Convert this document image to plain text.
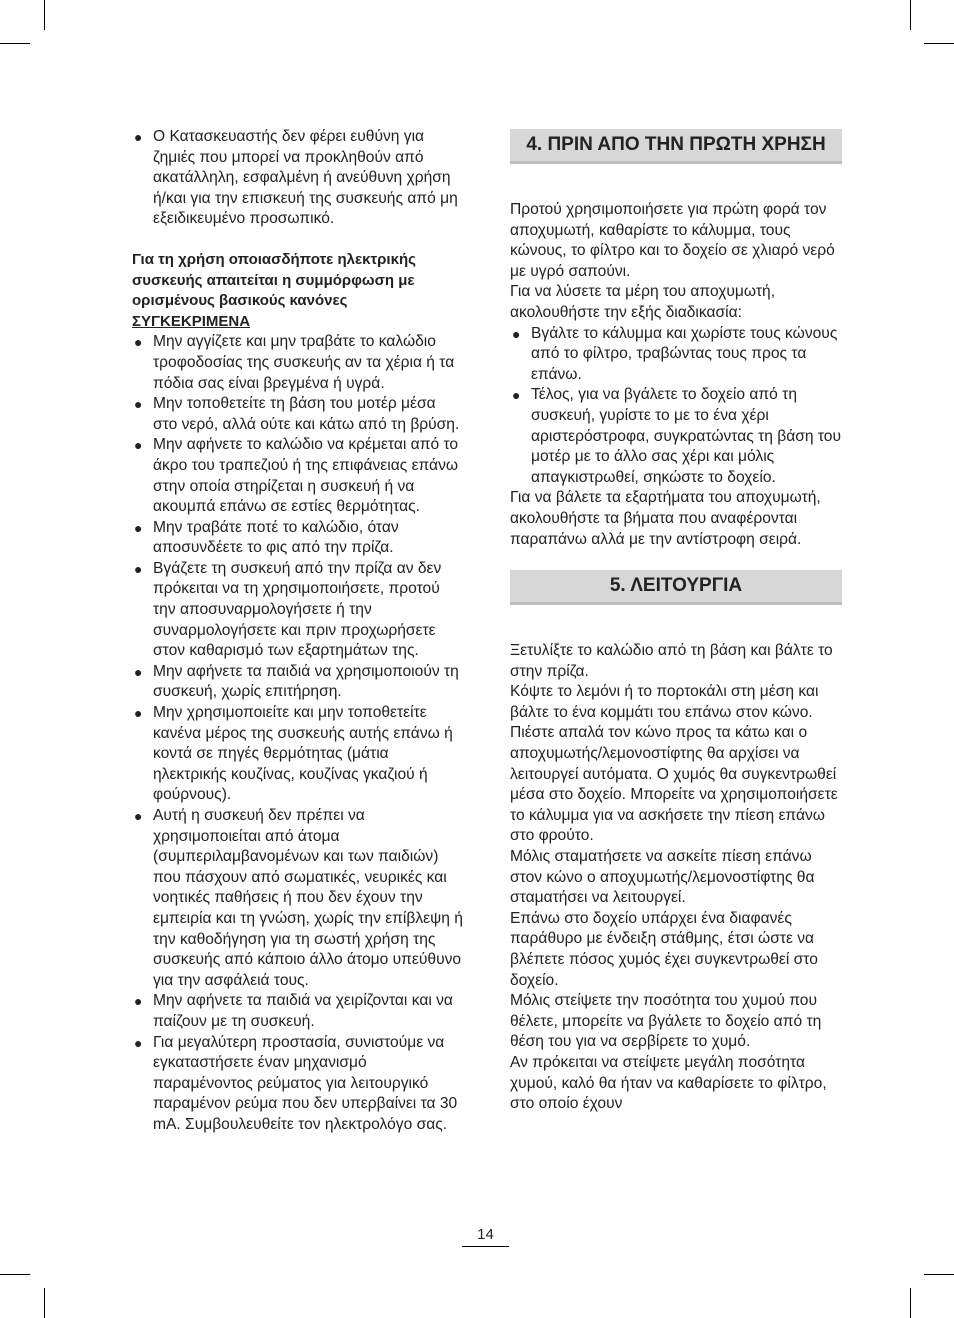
● Ο Κατασκευαστής δεν φέρει ευθύνη για ζημιές που μπορεί να προκληθούν από ακατάλληλη, εσφαλμένη ή ανεύθυνη χρήση ή/και για την επισκευή της συσκευής από μη εξειδικευμένο προσωπικό.

Για τη χρήση οποιασδήποτε ηλεκτρικής συσκευής απαιτείται η συμμόρφωση με ορισμένους βασικούς κανόνες

ΣΥΓΚΕΚΡΙΜΕΝΑ

● Μην αγγίζετε και μην τραβάτε το καλώδιο τροφοδοσίας της συσκευής αν τα χέρια ή τα πόδια σας είναι βρεγμένα ή υγρά.
● Μην τοποθετείτε τη βάση του μοτέρ μέσα στο νερό, αλλά ούτε και κάτω από τη βρύση.
● Μην αφήνετε το καλώδιο να κρέμεται από το άκρο του τραπεζιού ή της επιφάνειας επάνω στην οποία στηρίζεται η συσκευή ή να ακουμπά επάνω σε εστίες θερμότητας.
● Μην τραβάτε ποτέ το καλώδιο, όταν αποσυνδέετε το φις από την πρίζα.
● Βγάζετε τη συσκευή από την πρίζα αν δεν πρόκειται να τη χρησιμοποιήσετε, προτού την αποσυναρμολογήσετε ή την συναρμολογήσετε και πριν προχωρήσετε στον καθαρισμό των εξαρτημάτων της.
● Μην αφήνετε τα παιδιά να χρησιμοποιούν τη συσκευή, χωρίς επιτήρηση.
● Μην χρησιμοποιείτε και μην τοποθετείτε κανένα μέρος της συσκευής αυτής επάνω ή κοντά σε πηγές θερμότητας (μάτια ηλεκτρικής κουζίνας, κουζίνας γκαζιού ή φούρνους).
● Αυτή η συσκευή δεν πρέπει να χρησιμοποιείται από άτομα (συμπεριλαμβανομένων και των παιδιών) που πάσχουν από σωματικές, νευρικές και νοητικές παθήσεις ή που δεν έχουν την εμπειρία και τη γνώση, χωρίς την επίβλεψη ή την καθοδήγηση για τη σωστή χρήση της συσκευής από κάποιο άλλο άτομο υπεύθυνο για την ασφάλειά τους.
● Μην αφήνετε τα παιδιά να χειρίζονται και να παίζουν με τη συσκευή.
● Για μεγαλύτερη προστασία, συνιστούμε να εγκαταστήσετε έναν μηχανισμό παραμένοντος ρεύματος για λειτουργικό παραμένον ρεύμα που δεν υπερβαίνει τα 30 mA. Συμβουλευθείτε τον ηλεκτρολόγο σας.
4. ΠΡΙΝ ΑΠΟ ΤΗΝ ΠΡΩΤΗ ΧΡΗΣΗ

Προτού χρησιμοποιήσετε για πρώτη φορά τον αποχυμωτή, καθαρίστε το κάλυμμα, τους κώνους, το φίλτρο και το δοχείο σε χλιαρό νερό με υγρό σαπούνι.

Για να λύσετε τα μέρη του αποχυμωτή, ακολουθήστε την εξής διαδικασία:

● Βγάλτε το κάλυμμα και χωρίστε τους κώνους από το φίλτρο, τραβώντας τους προς τα επάνω.
● Τέλος, για να βγάλετε το δοχείο από τη συσκευή, γυρίστε το με το ένα χέρι αριστερόστροφα, συγκρατώντας τη βάση του μοτέρ με το άλλο σας χέρι και μόλις απαγκιστρωθεί, σηκώστε το δοχείο.

Για να βάλετε τα εξαρτήματα του αποχυμωτή, ακολουθήστε τα βήματα που αναφέρονται παραπάνω αλλά με την αντίστροφη σειρά.

5. ΛΕΙΤΟΥΡΓΙΑ

Ξετυλίξτε το καλώδιο από τη βάση και βάλτε το στην πρίζα.

Κόψτε το λεμόνι ή το πορτοκάλι στη μέση και βάλτε το ένα κομμάτι του επάνω στον κώνο.

Πιέστε απαλά τον κώνο προς τα κάτω και ο αποχυμωτής/λεμονοστίφτης θα αρχίσει να λειτουργεί αυτόματα. Ο χυμός θα συγκεντρωθεί μέσα στο δοχείο. Μπορείτε να χρησιμοποιήσετε το κάλυμμα για να ασκήσετε την πίεση επάνω στο φρούτο.

Μόλις σταματήσετε να ασκείτε πίεση επάνω στον κώνο ο αποχυμωτής/λεμονοστίφτης θα σταματήσει να λειτουργεί.

Επάνω στο δοχείο υπάρχει ένα διαφανές παράθυρο με ένδειξη στάθμης, έτσι ώστε να βλέπετε πόσος χυμός έχει συγκεντρωθεί στο δοχείο.

Μόλις στείψετε την ποσότητα του χυμού που θέλετε, μπορείτε να βγάλετε το δοχείο από τη θέση του για να σερβίρετε το χυμό.

Αν πρόκειται να στείψετε μεγάλη ποσότητα χυμού, καλό θα ήταν να καθαρίσετε το φίλτρο, στο οποίο έχουν

14
